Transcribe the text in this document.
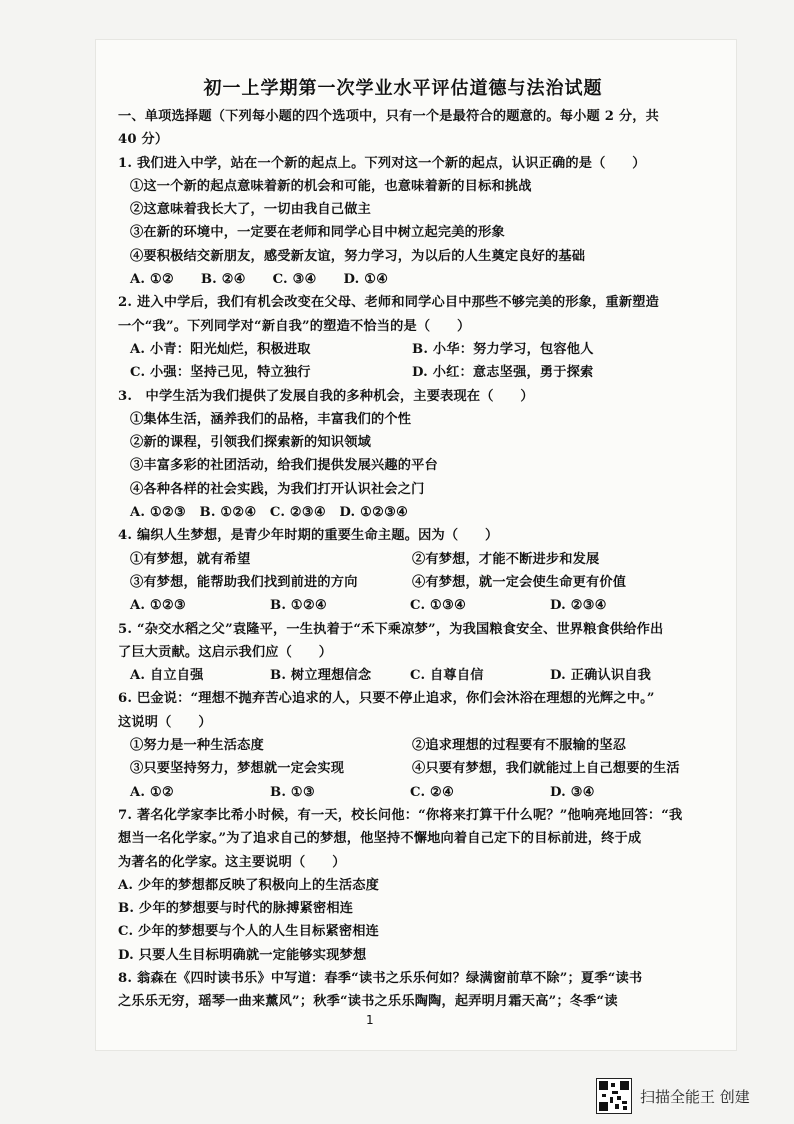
初一上学期第一次学业水平评估道德与法治试题
一、单项选择题（下列每小题的四个选项中，只有一个是最符合的题意的。每小题 2 分，共
40 分）
1. 我们进入中学，站在一个新的起点上。下列对这一个新的起点，认识正确的是（　　）
①这一个新的起点意味着新的机会和可能，也意味着新的目标和挑战
②这意味着我长大了，一切由我自己做主
③在新的环境中，一定要在老师和同学心目中树立起完美的形象
④要积极结交新朋友，感受新友谊，努力学习，为以后的人生奠定良好的基础
A. ①②　　B. ②④　　C. ③④　　D. ①④
2. 进入中学后，我们有机会改变在父母、老师和同学心目中那些不够完美的形象，重新塑造
一个“我”。下列同学对“新自我”的塑造不恰当的是（　　）
A. 小青：阳光灿烂，积极进取	B. 小华：努力学习，包容他人
C. 小强：坚持己见，特立独行	D. 小红：意志坚强，勇于探索
3.　中学生活为我们提供了发展自我的多种机会，主要表现在（　　）
①集体生活，涵养我们的品格，丰富我们的个性
②新的课程，引领我们探索新的知识领域
③丰富多彩的社团活动，给我们提供发展兴趣的平台
④各种各样的社会实践，为我们打开认识社会之门
A. ①②③　B. ①②④　C. ②③④　D. ①②③④
4. 编织人生梦想，是青少年时期的重要生命主题。因为（　　）
①有梦想，就有希望	②有梦想，才能不断进步和发展
③有梦想，能帮助我们找到前进的方向	④有梦想，就一定会使生命更有价值
A. ①②③	B. ①②④	C. ①③④	D. ②③④
5. “杂交水稻之父”袁隆平，一生执着于“禾下乘凉梦”，为我国粮食安全、世界粮食供给作出
了巨大贡献。这启示我们应（　　）
A. 自立自强	B. 树立理想信念	C. 自尊自信	D. 正确认识自我
6. 巴金说：“理想不抛弃苦心追求的人，只要不停止追求，你们会沐浴在理想的光辉之中。”
这说明（　　）
①努力是一种生活态度	②追求理想的过程要有不服输的坚忍
③只要坚持努力，梦想就一定会实现	④只要有梦想，我们就能过上自己想要的生活
A. ①②	B. ①③	C. ②④	D. ③④
7. 著名化学家李比希小时候，有一天，校长问他：“你将来打算干什么呢？”他响亮地回答：“我
想当一名化学家。”为了追求自己的梦想，他坚持不懈地向着自己定下的目标前进，终于成
为著名的化学家。这主要说明（　　）
A. 少年的梦想都反映了积极向上的生活态度
B. 少年的梦想要与时代的脉搏紧密相连
C. 少年的梦想要与个人的人生目标紧密相连
D. 只要人生目标明确就一定能够实现梦想
8. 翁森在《四时读书乐》中写道：春季“读书之乐乐何如？绿满窗前草不除”；夏季“读书
之乐乐无穷，瑶琴一曲来薰风”；秋季“读书之乐乐陶陶，起弄明月霜天高”；冬季“读
1
扫描全能王 创建
